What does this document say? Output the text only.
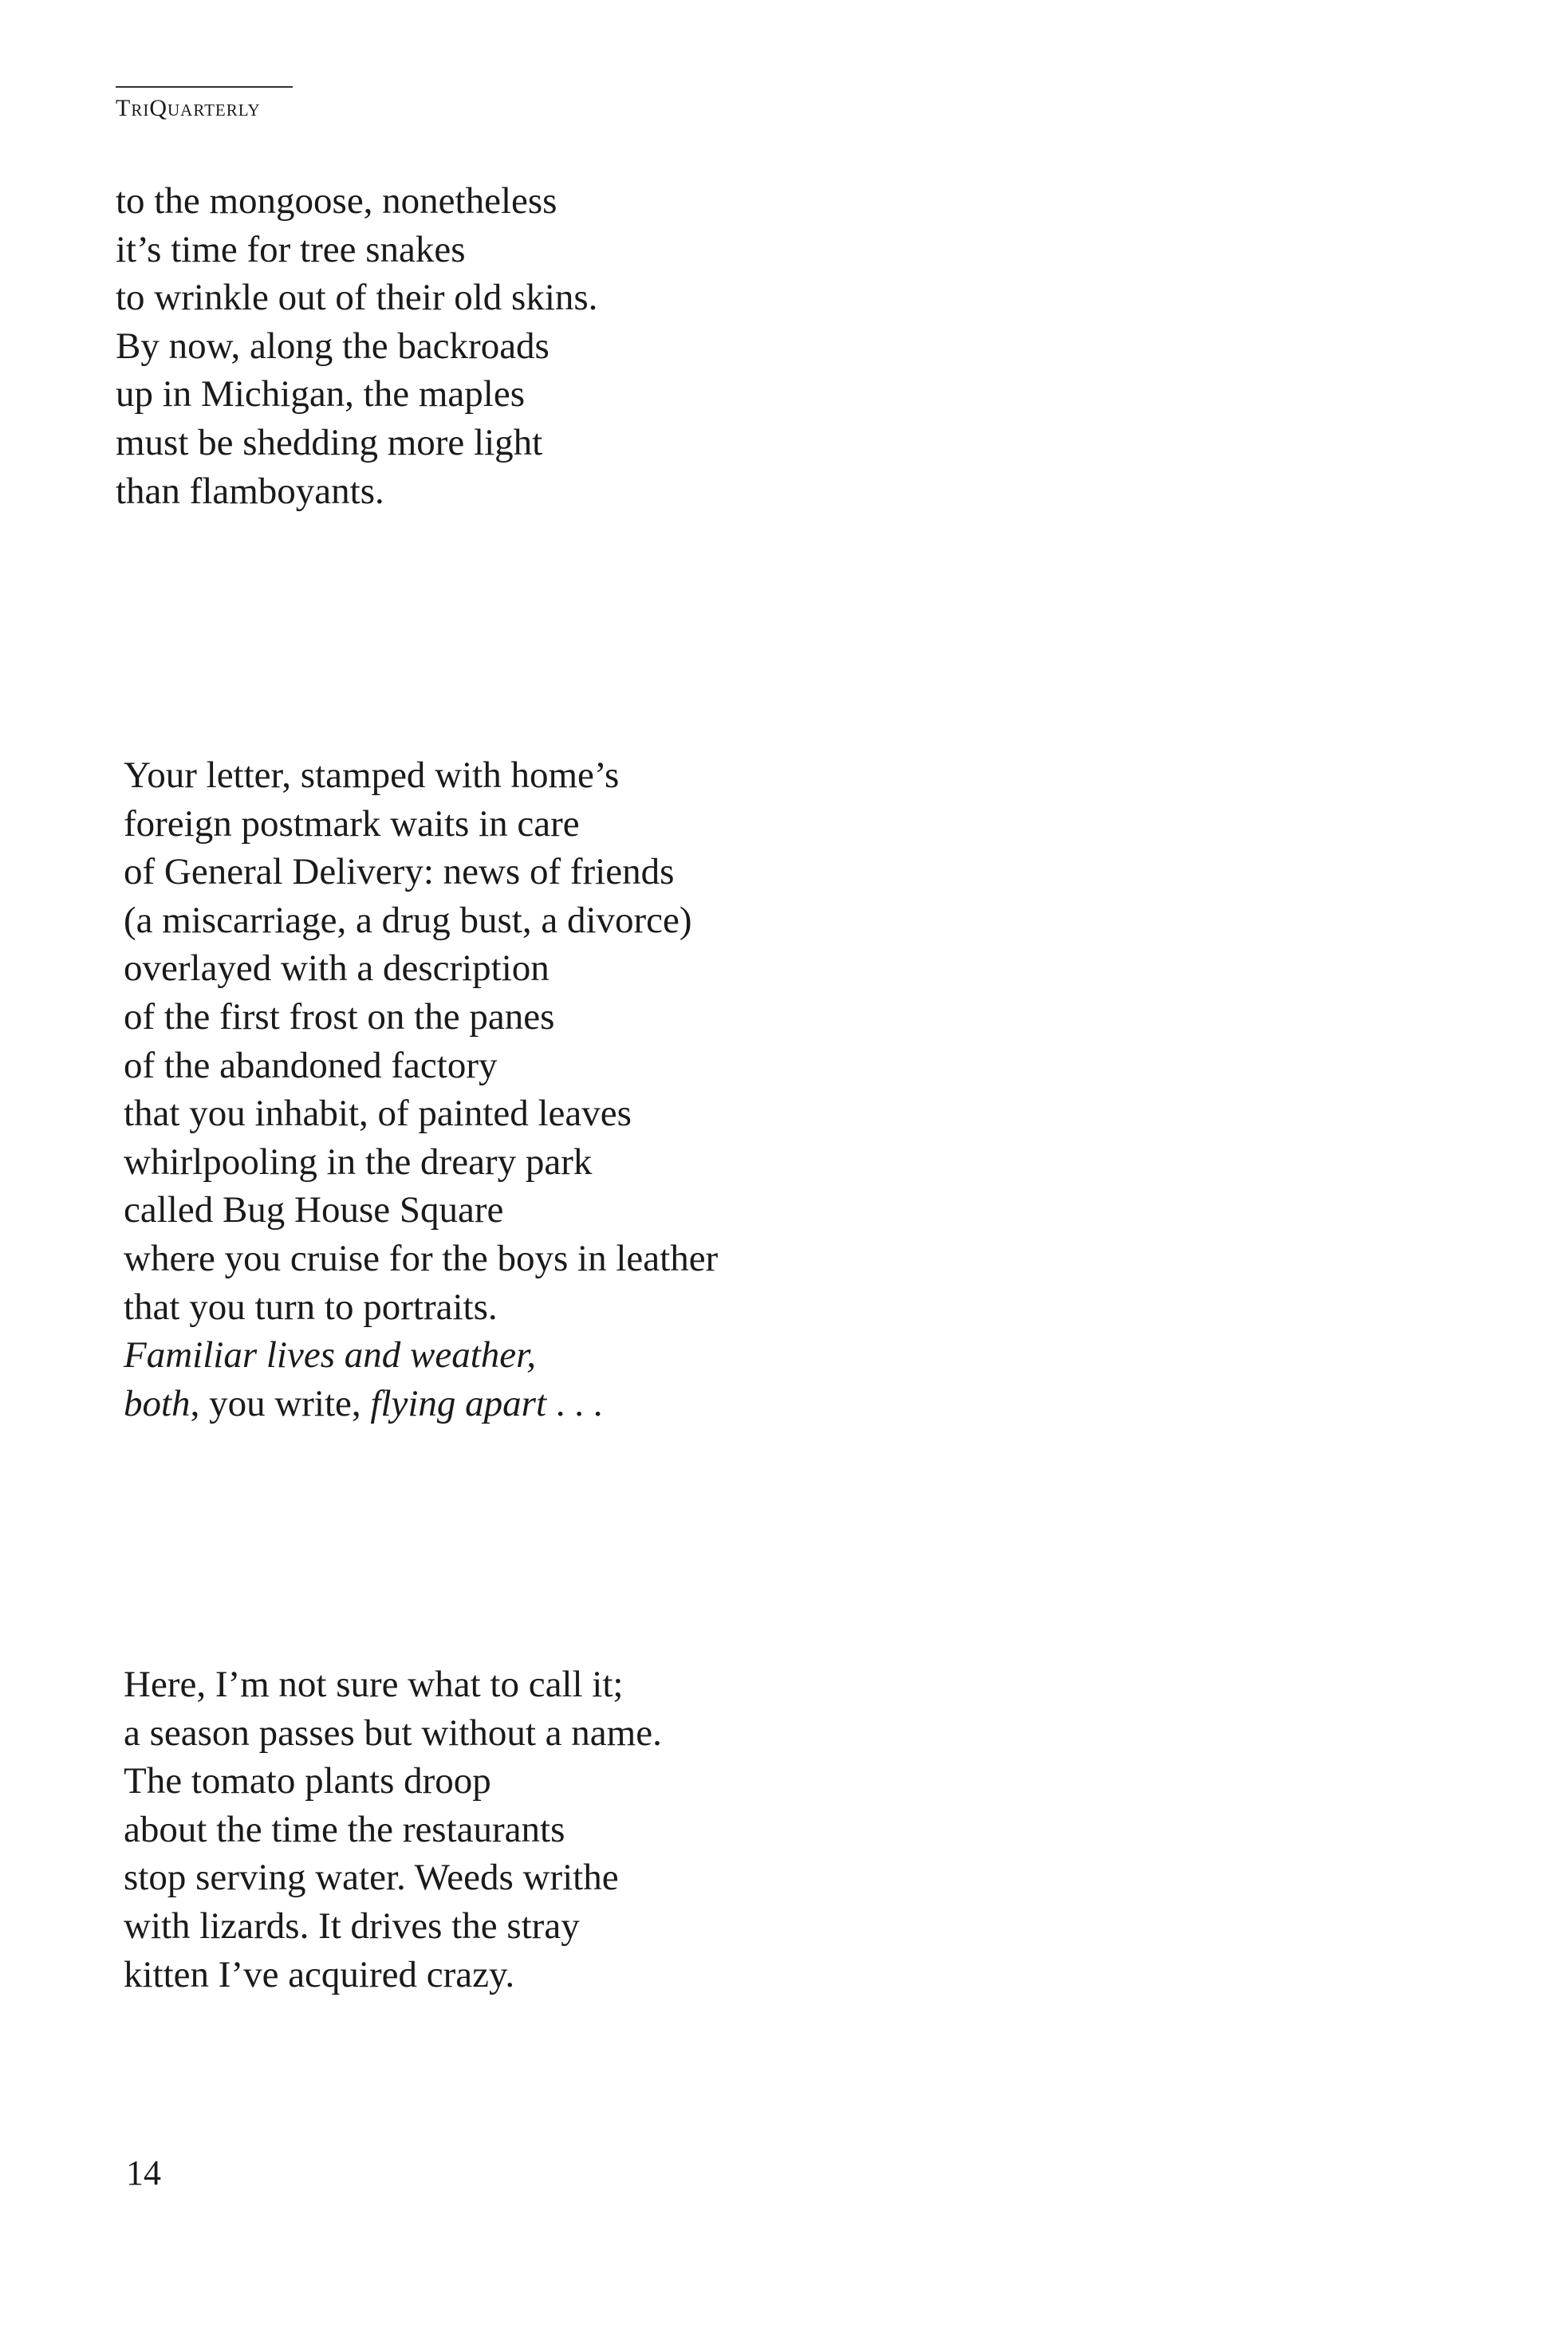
TriQuarterly
to the mongoose, nonetheless
it’s time for tree snakes
to wrinkle out of their old skins.
By now, along the backroads
up in Michigan, the maples
must be shedding more light
than flamboyants.
Your letter, stamped with home’s
foreign postmark waits in care
of General Delivery: news of friends
(a miscarriage, a drug bust, a divorce)
overlayed with a description
of the first frost on the panes
of the abandoned factory
that you inhabit, of painted leaves
whirlpooling in the dreary park
called Bug House Square
where you cruise for the boys in leather
that you turn to portraits.
Familiar lives and weather,
both, you write, flying apart . . .
Here, I’m not sure what to call it;
a season passes but without a name.
The tomato plants droop
about the time the restaurants
stop serving water. Weeds writhe
with lizards. It drives the stray
kitten I’ve acquired crazy.
14
